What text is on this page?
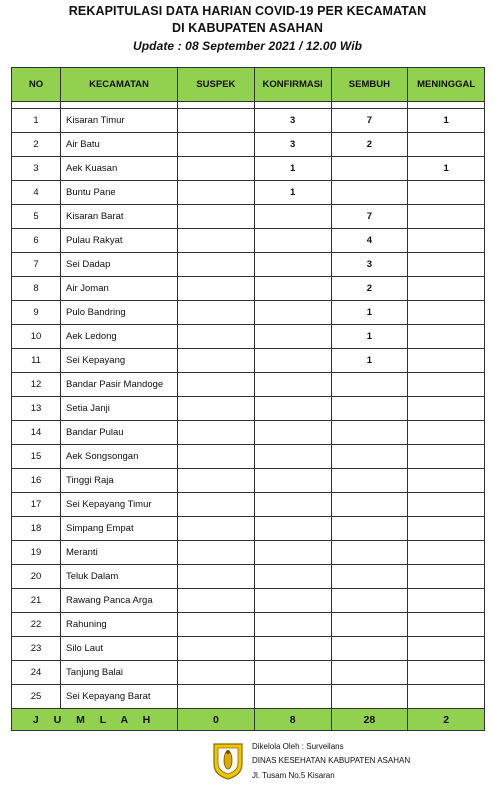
REKAPITULASI DATA HARIAN COVID-19 PER KECAMATAN
DI KABUPATEN ASAHAN
Update : 08 September 2021 / 12.00 Wib
NO	KECAMATAN	SUSPEK	KONFIRMASI	SEMBUH	MENINGGAL

1	Kisaran Timur		3	7	1
2	Air Batu		3	2	
3	Aek Kuasan		1		1
4	Buntu Pane		1		
5	Kisaran Barat			7	
6	Pulau Rakyat			4	
7	Sei Dadap			3	
8	Air Joman			2	
9	Pulo Bandring			1	
10	Aek Ledong			1	
11	Sei Kepayang			1	
12	Bandar Pasir Mandoge				
13	Setia Janji				
14	Bandar Pulau				
15	Aek Songsongan				
16	Tinggi Raja				
17	Sei Kepayang Timur				
18	Simpang Empat				
19	Meranti				
20	Teluk Dalam				
21	Rawang Panca Arga				
22	Rahuning				
23	Silo Laut				
24	Tanjung Balai				
25	Sei Kepayang Barat				
J U M L A H		0	8	28	2
Dikelola Oleh : Surveilans
DINAS KESEHATAN KABUPATEN ASAHAN
Jl. Tusam No.5 Kisaran
